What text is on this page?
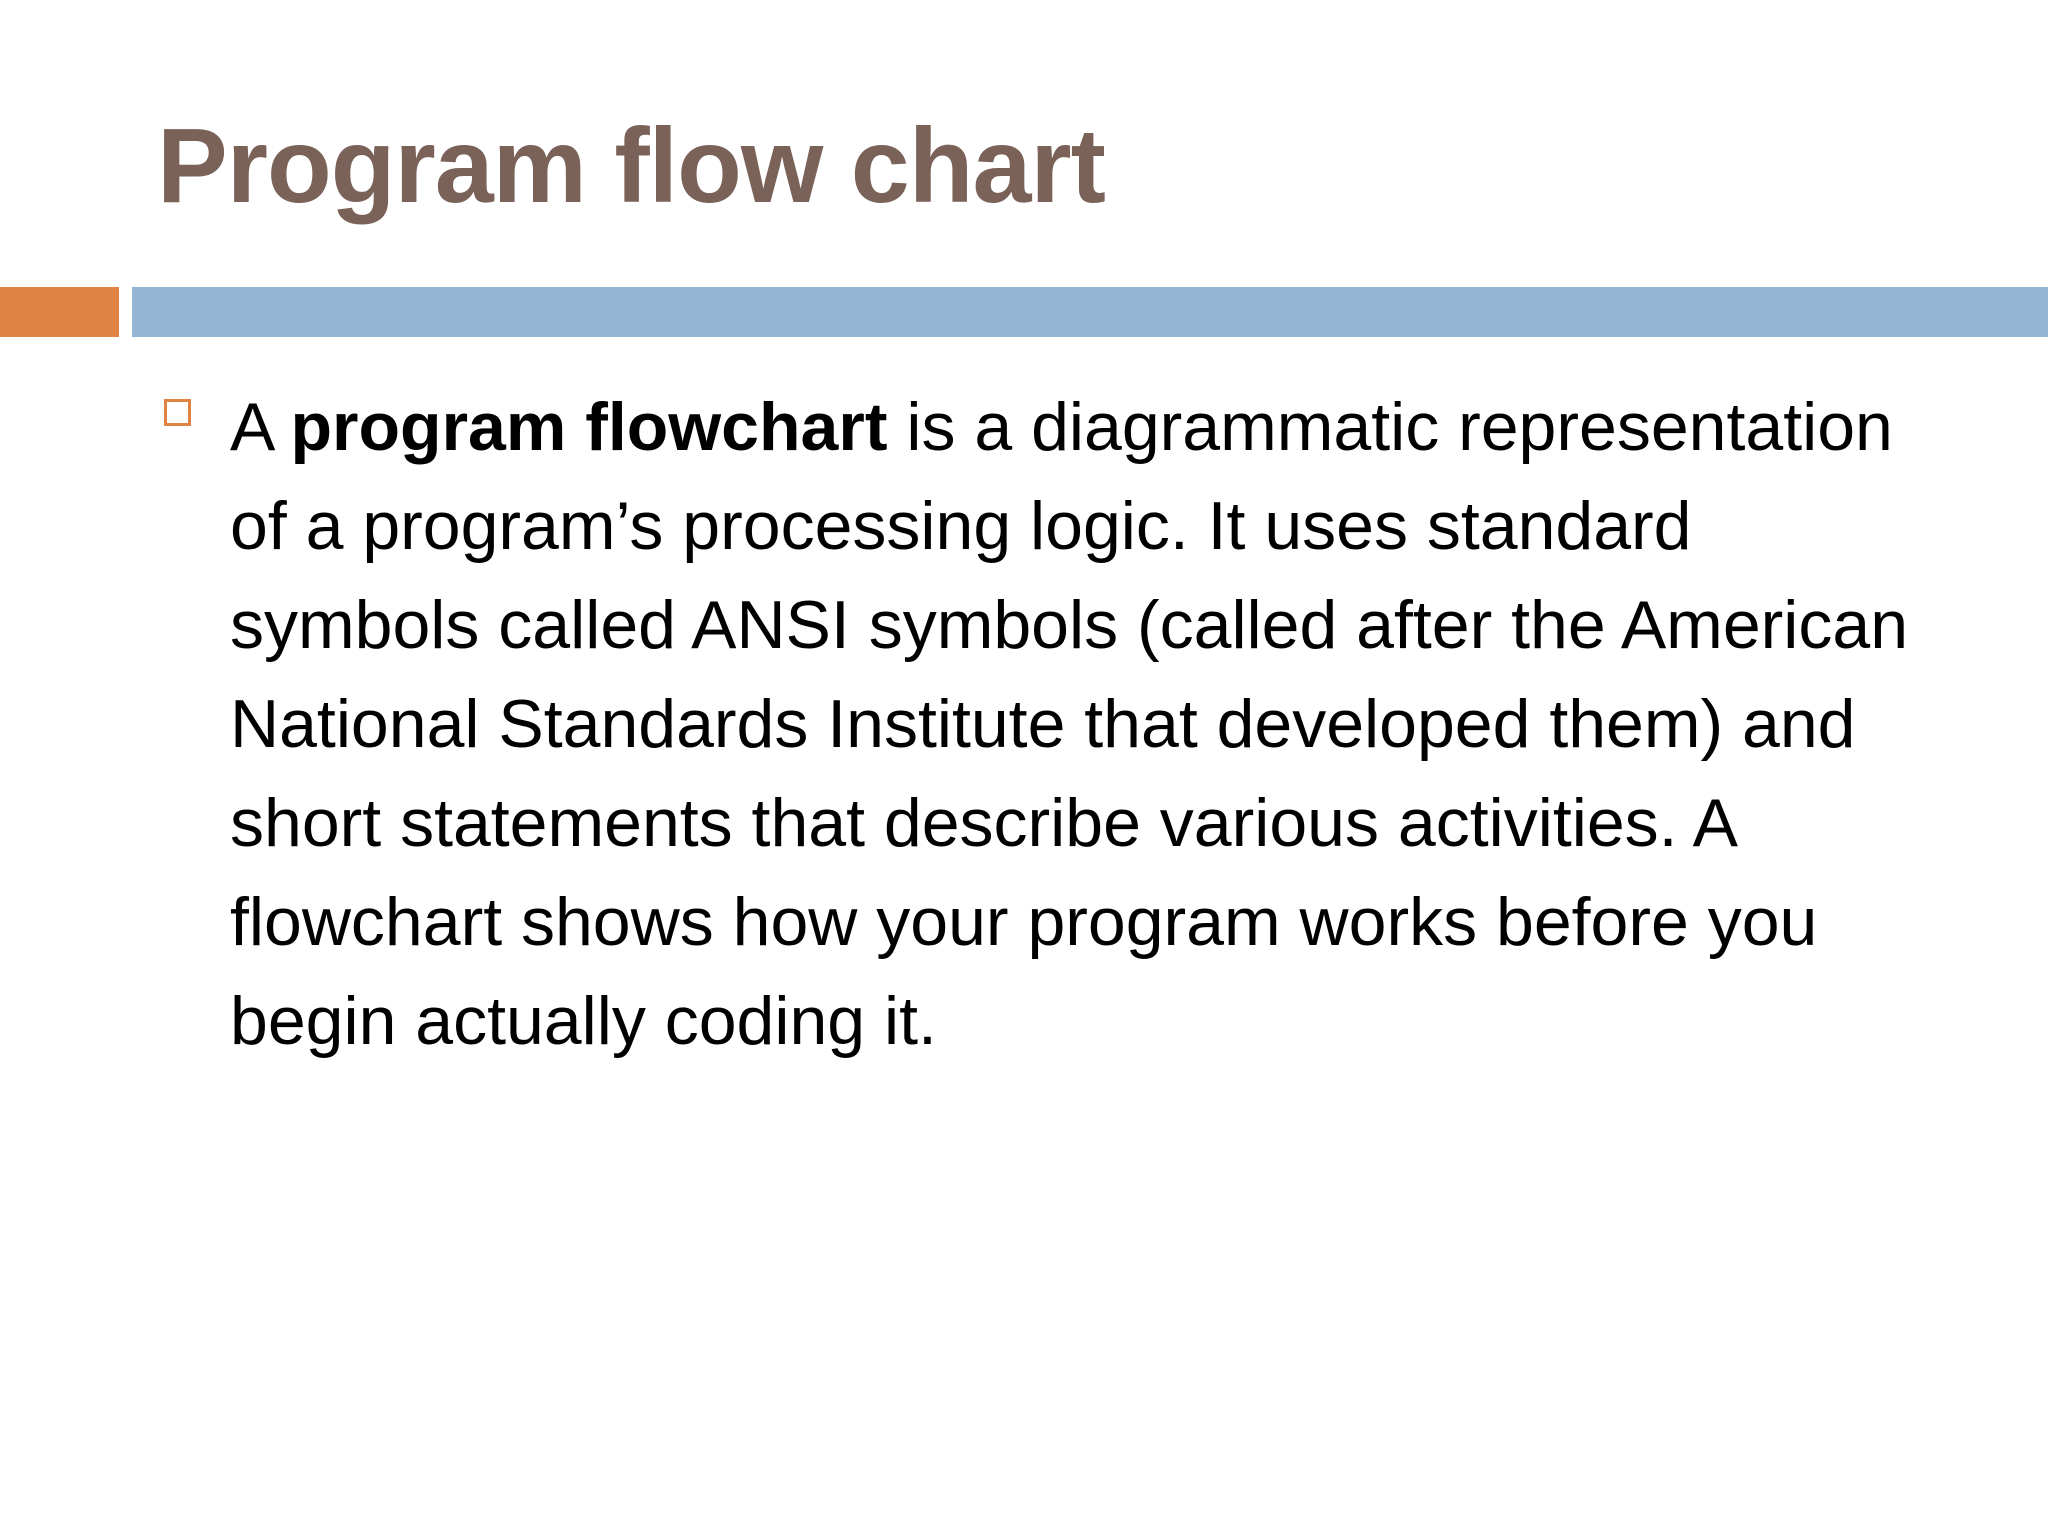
Program flow chart

A program flowchart is a diagrammatic representation of a program’s processing logic. It uses standard symbols called ANSI symbols (called after the American National Standards Institute that developed them) and short statements that describe various activities. A flowchart shows how your program works before you begin actually coding it.
